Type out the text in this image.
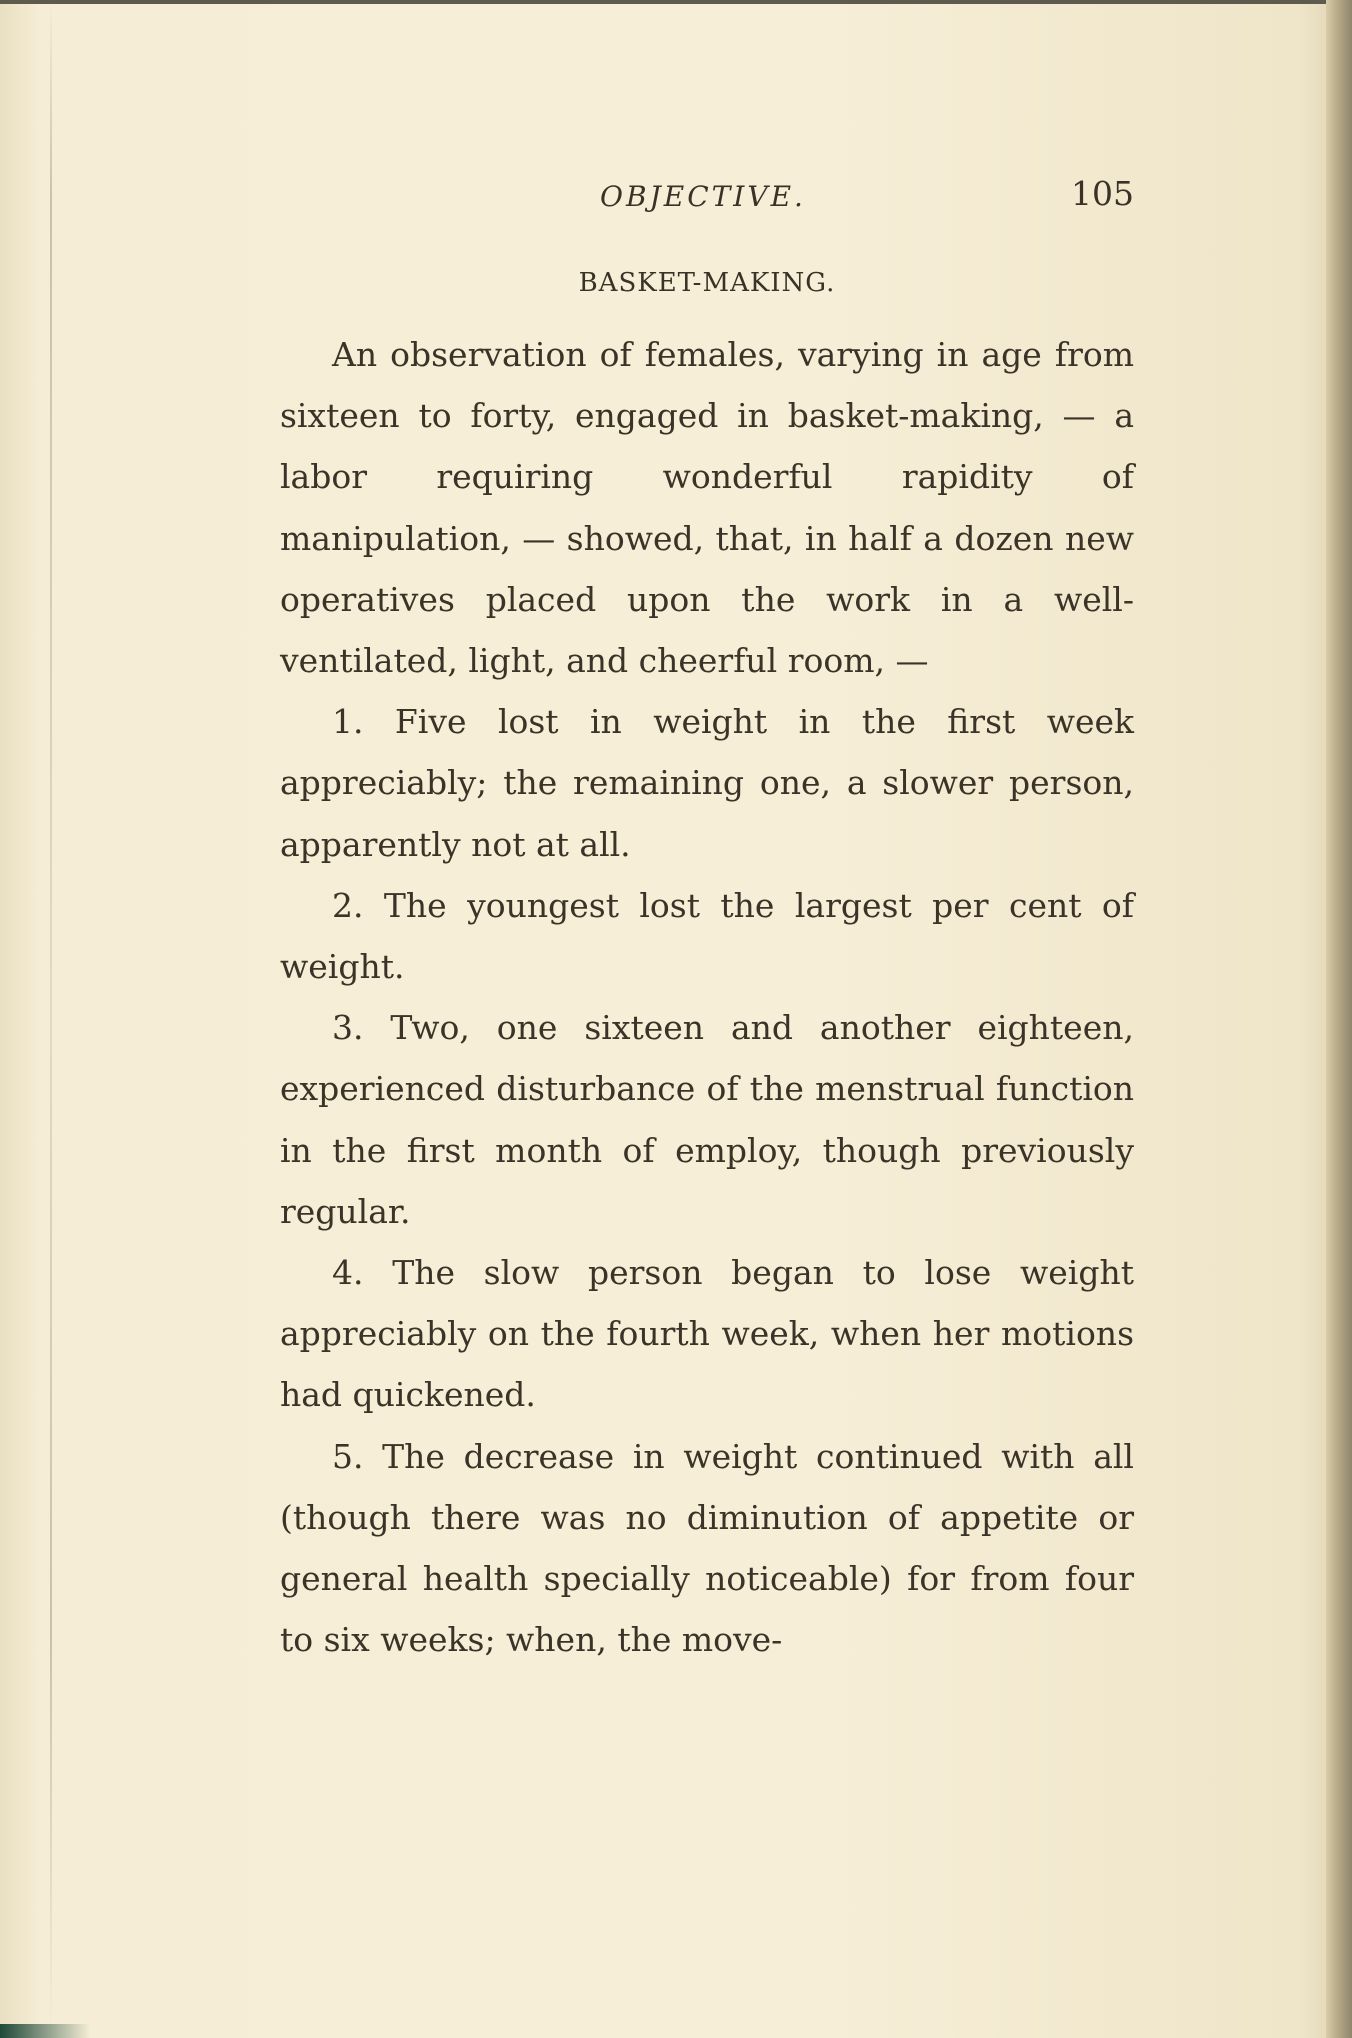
OBJECTIVE.	105
BASKET-MAKING.

An observation of females, varying in age from sixteen to forty, engaged in basket-making, — a labor requiring wonderful rapidity of manipulation, — showed, that, in half a dozen new operatives placed upon the work in a well-ventilated, light, and cheerful room, —

1. Five lost in weight in the first week appreciably; the remaining one, a slower person, apparently not at all.

2. The youngest lost the largest per cent of weight.

3. Two, one sixteen and another eighteen, experienced disturbance of the menstrual function in the first month of employ, though previously regular.

4. The slow person began to lose weight appreciably on the fourth week, when her motions had quickened.

5. The decrease in weight continued with all (though there was no diminution of appetite or general health specially noticeable) for from four to six weeks; when, the move-
